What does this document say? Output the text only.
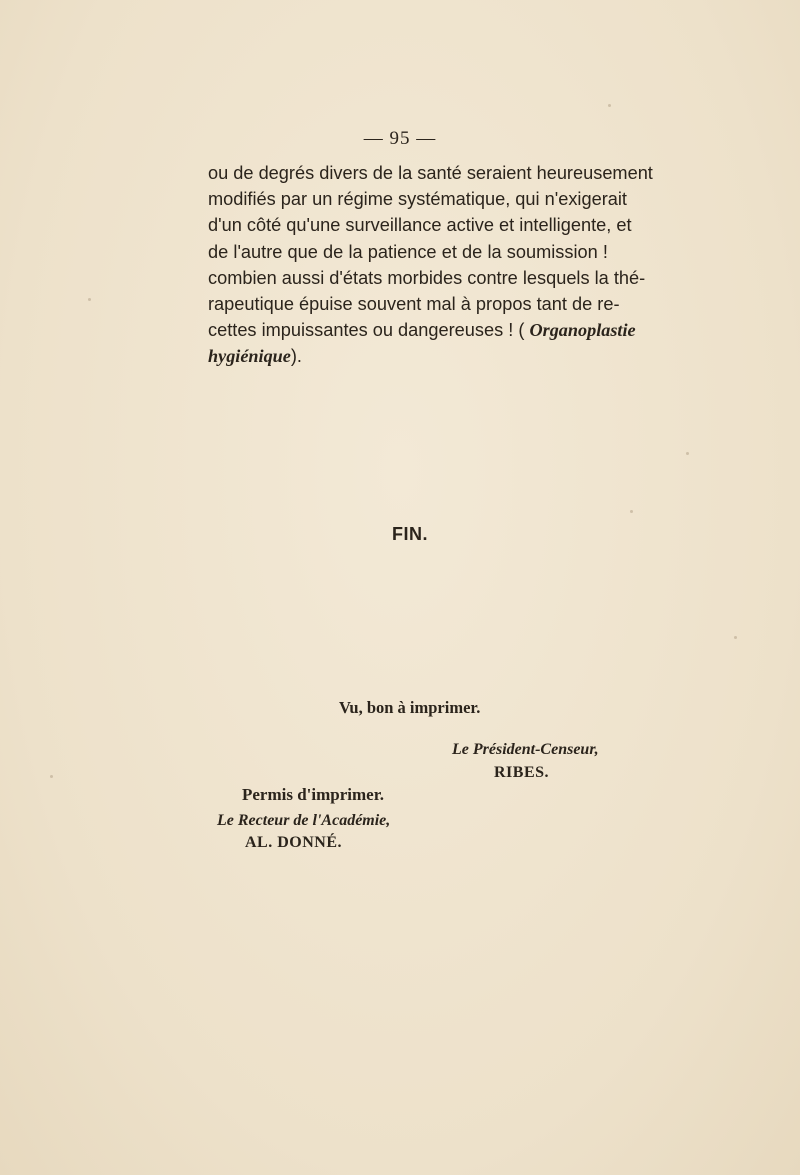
— 95 —
ou de degrés divers de la santé seraient heureusement
modifiés par un régime systématique, qui n'exigerait
d'un côté qu'une surveillance active et intelligente, et
de l'autre que de la patience et de la soumission !
combien aussi d'états morbides contre lesquels la thé-
rapeutique épuise souvent mal à propos tant de re-
cettes impuissantes ou dangereuses ! ( Organoplastie
hygiénique).
FIN.
Vu, bon à imprimer.
Le Président-Censeur,
RIBES.
Permis d'imprimer.
Le Recteur de l'Académie,
AL. DONNÉ.
